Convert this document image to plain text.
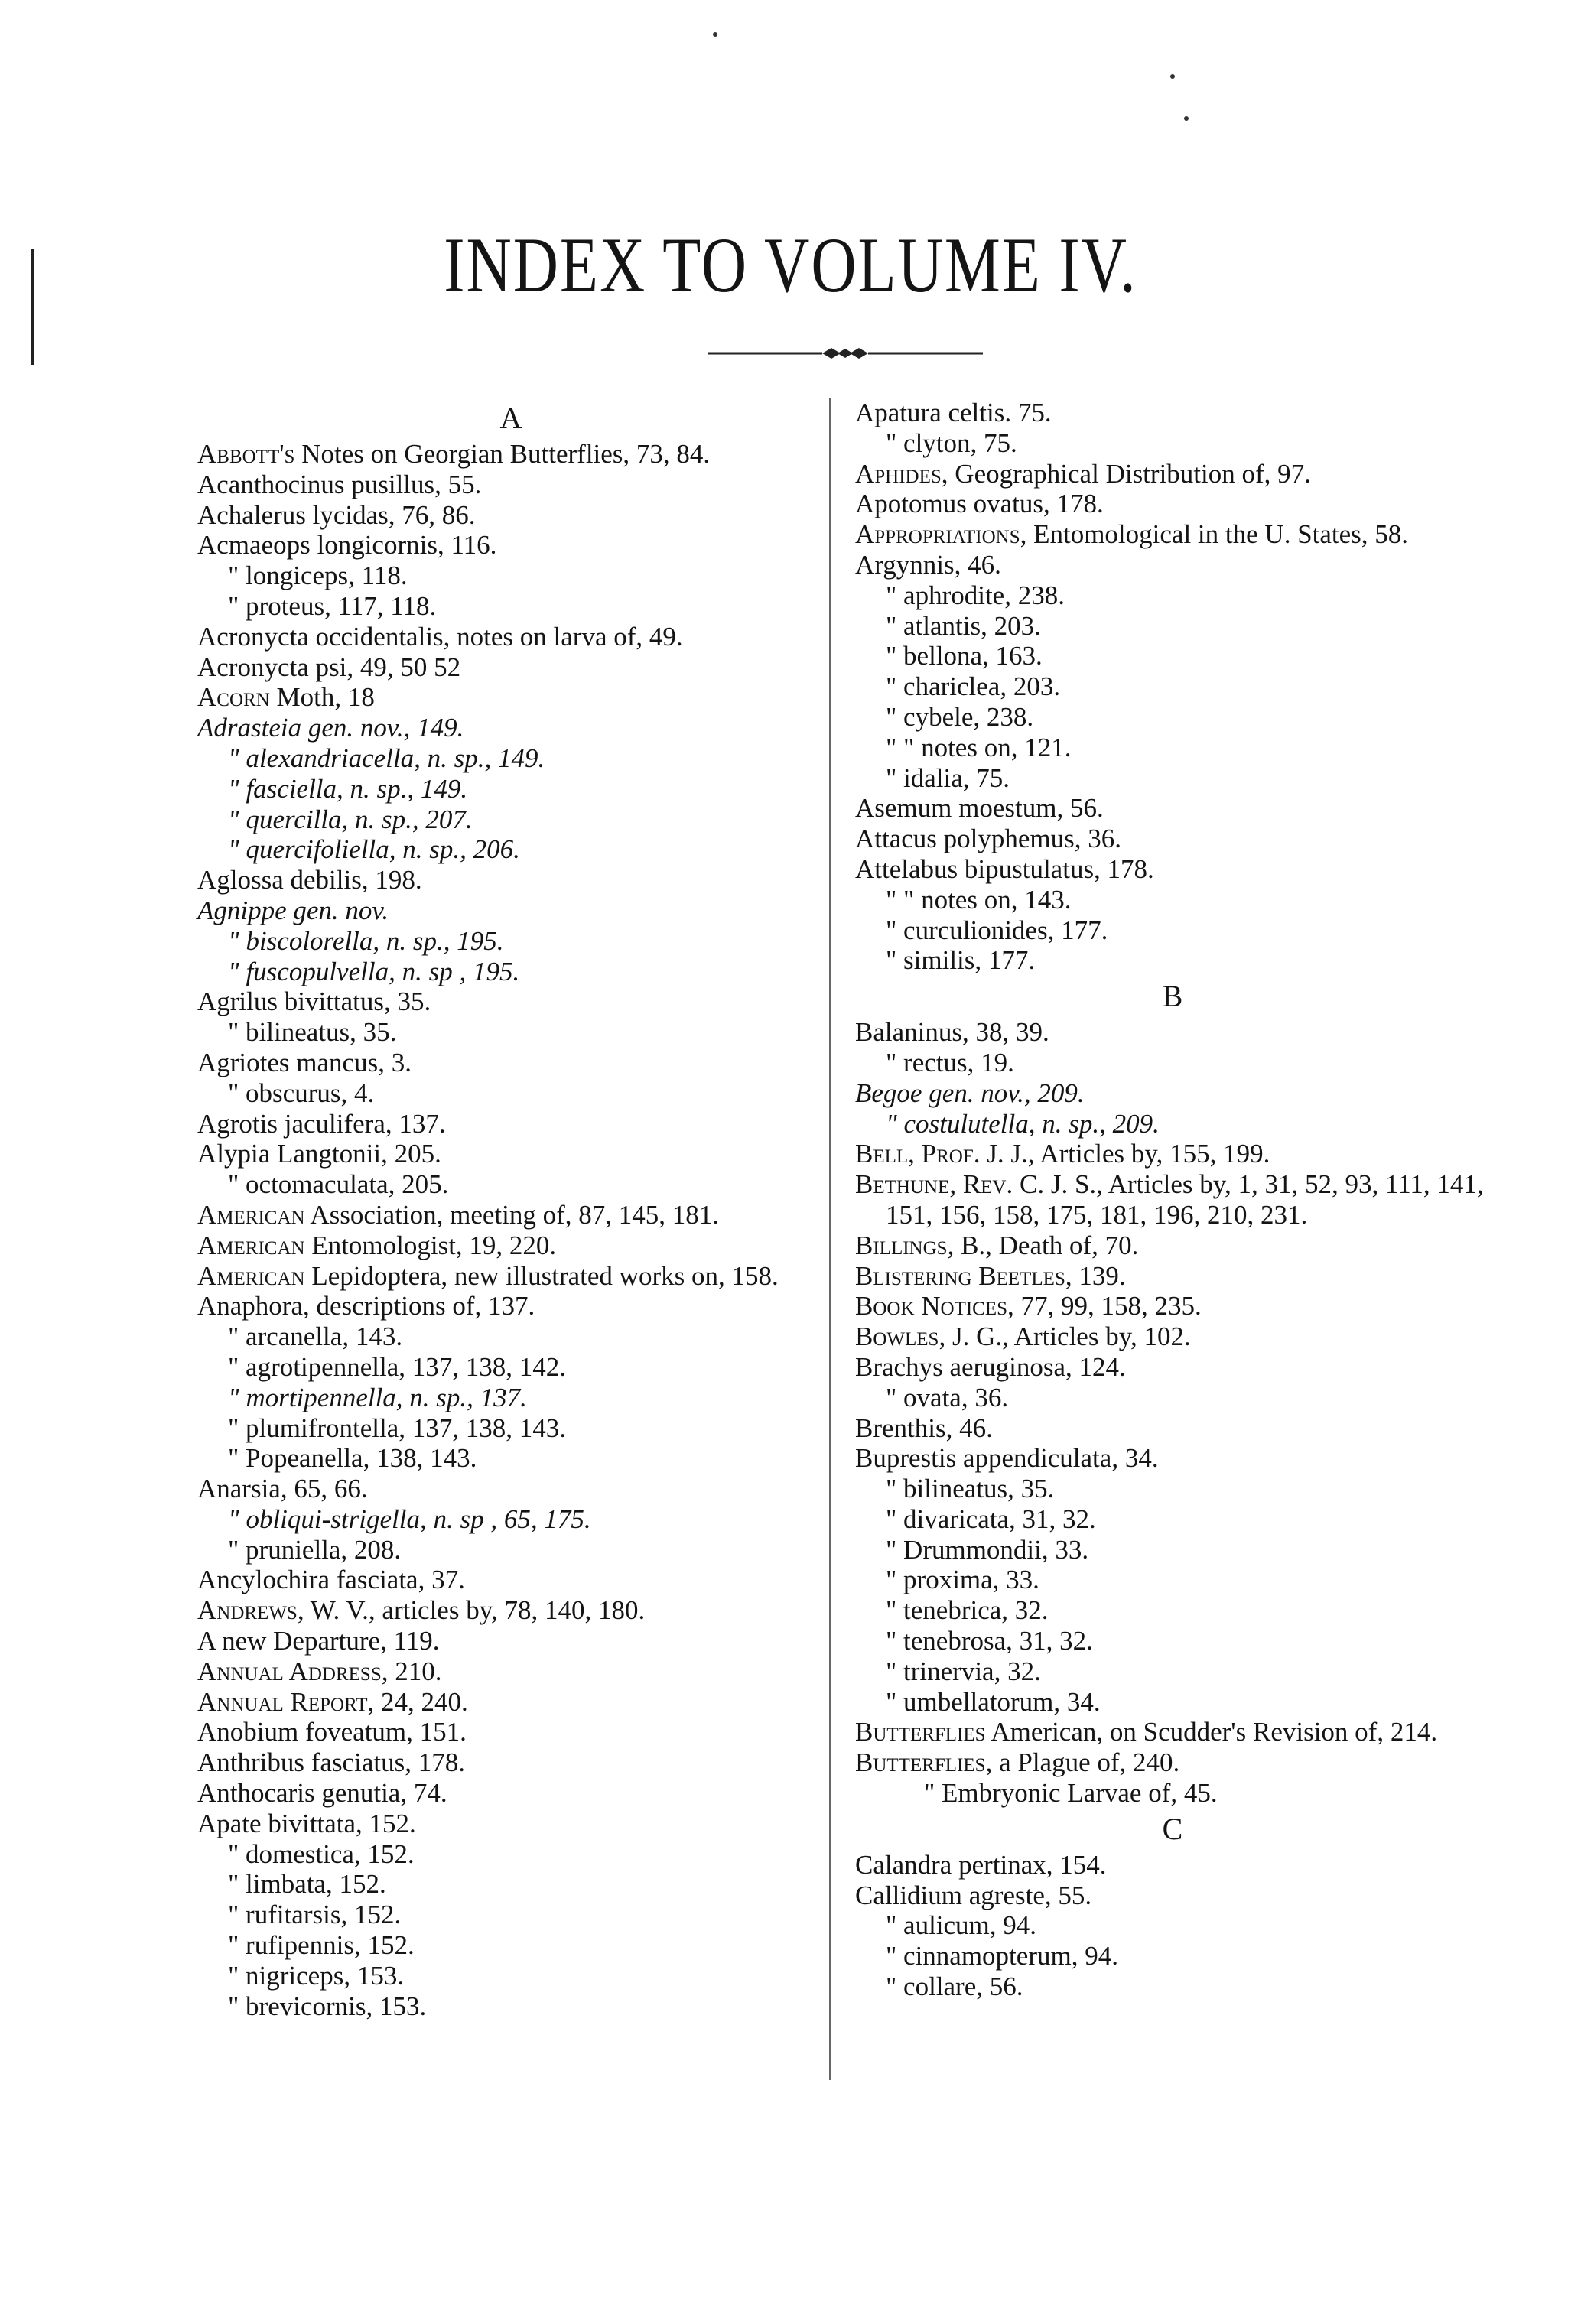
INDEX TO VOLUME IV.
A
Abbott's Notes on Georgian Butterflies, 73, 84.
Acanthocinus pusillus, 55.
Achalerus lycidas, 76, 86.
Acmaeops longicornis, 116.
" longiceps, 118.
" proteus, 117, 118.
Acronycta occidentalis, notes on larva of, 49.
Acronycta psi, 49, 50 52
Acorn Moth, 18
Adrasteia gen. nov., 149.
" alexandriacella, n. sp., 149.
" fasciella, n. sp., 149.
" quercilla, n. sp., 207.
" quercifoliella, n. sp., 206.
Aglossa debilis, 198.
Agnippe gen. nov.
" biscolorella, n. sp., 195.
" fuscopulvella, n. sp , 195.
Agrilus bivittatus, 35.
" bilineatus, 35.
Agriotes mancus, 3.
" obscurus, 4.
Agrotis jaculifera, 137.
Alypia Langtonii, 205.
" octomaculata, 205.
American Association, meeting of, 87, 145, 181.
American Entomologist, 19, 220.
American Lepidoptera, new illustrated works on, 158.
Anaphora, descriptions of, 137.
" arcanella, 143.
" agrotipennella, 137, 138, 142.
" mortipennella, n. sp., 137.
" plumifrontella, 137, 138, 143.
" Popeanella, 138, 143.
Anarsia, 65, 66.
" obliqui-strigella, n. sp , 65, 175.
" pruniella, 208.
Ancylochira fasciata, 37.
Andrews, W. V., articles by, 78, 140, 180.
A new Departure, 119.
Annual Address, 210.
Annual Report, 24, 240.
Anobium foveatum, 151.
Anthribus fasciatus, 178.
Anthocaris genutia, 74.
Apate bivittata, 152.
" domestica, 152.
" limbata, 152.
" rufitarsis, 152.
" rufipennis, 152.
" nigriceps, 153.
" brevicornis, 153.
Apatura celtis. 75.
" clyton, 75.
Aphides, Geographical Distribution of, 97.
Apotomus ovatus, 178.
Appropriations, Entomological in the U. States, 58.
Argynnis, 46.
" aphrodite, 238.
" atlantis, 203.
" bellona, 163.
" chariclea, 203.
" cybele, 238.
" " notes on, 121.
" idalia, 75.
Asemum moestum, 56.
Attacus polyphemus, 36.
Attelabus bipustulatus, 178.
" " notes on, 143.
" curculionides, 177.
" similis, 177.
B
Balaninus, 38, 39.
" rectus, 19.
Begoe gen. nov., 209.
" costulutella, n. sp., 209.
Bell, Prof. J. J., Articles by, 155, 199.
Bethune, Rev. C. J. S., Articles by, 1, 31, 52, 93, 111, 141, 151, 156, 158, 175, 181, 196, 210, 231.
Billings, B., Death of, 70.
Blistering Beetles, 139.
Book Notices, 77, 99, 158, 235.
Bowles, J. G., Articles by, 102.
Brachys aeruginosa, 124.
" ovata, 36.
Brenthis, 46.
Buprestis appendiculata, 34.
" bilineatus, 35.
" divaricata, 31, 32.
" Drummondii, 33.
" proxima, 33.
" tenebrica, 32.
" tenebrosa, 31, 32.
" trinervia, 32.
" umbellatorum, 34.
Butterflies American, on Scudder's Revision of, 214.
Butterflies, a Plague of, 240.
" Embryonic Larvae of, 45.
C
Calandra pertinax, 154.
Callidium agreste, 55.
" aulicum, 94.
" cinnamopterum, 94.
" collare, 56.
